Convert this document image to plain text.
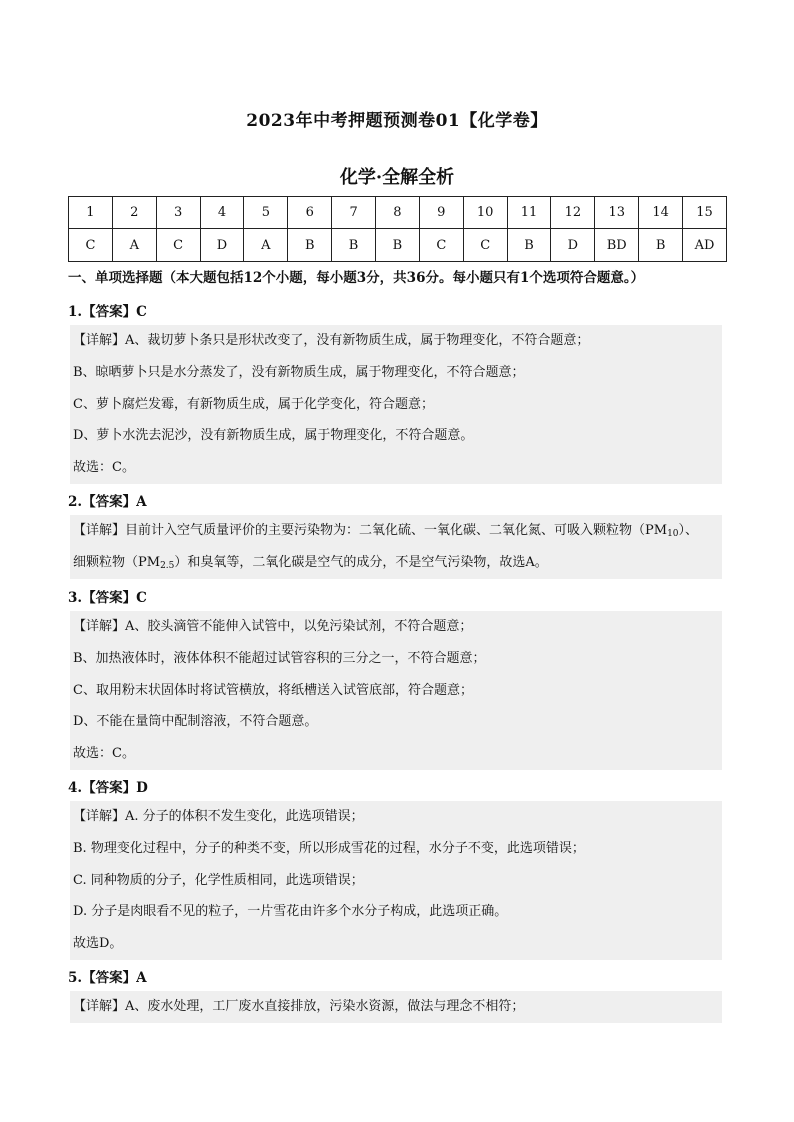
2023年中考押题预测卷01【化学卷】
化学·全解全析
1	2	3	4	5	6	7	8	9	10	11	12	13	14	15
C	A	C	D	A	B	B	B	C	C	B	D	BD	B	AD
一、单项选择题（本大题包括12个小题，每小题3分，共36分。每小题只有1个选项符合题意。）
1.【答案】C
【详解】A、裁切萝卜条只是形状改变了，没有新物质生成，属于物理变化，不符合题意；
B、晾晒萝卜只是水分蒸发了，没有新物质生成，属于物理变化，不符合题意；
C、萝卜腐烂发霉，有新物质生成，属于化学变化，符合题意；
D、萝卜水洗去泥沙，没有新物质生成，属于物理变化，不符合题意。
故选：C。
2.【答案】A
【详解】目前计入空气质量评价的主要污染物为：二氧化硫、一氧化碳、二氧化氮、可吸入颗粒物$(PM_{10})$、
细颗粒物$(PM_{2.5})$和臭氧等，二氧化碳是空气的成分，不是空气污染物，故选A。
3.【答案】C
【详解】A、胶头滴管不能伸入试管中，以免污染试剂，不符合题意；
B、加热液体时，液体体积不能超过试管容积的三分之一，不符合题意；
C、取用粉末状固体时将试管横放，将纸槽送入试管底部，符合题意；
D、不能在量筒中配制溶液，不符合题意。
故选：C。
4.【答案】D
【详解】A. 分子的体积不发生变化，此选项错误；
B. 物理变化过程中，分子的种类不变，所以形成雪花的过程，水分子不变，此选项错误；
C. 同种物质的分子，化学性质相同，此选项错误；
D. 分子是肉眼看不见的粒子，一片雪花由许多个水分子构成，此选项正确。
故选D。
5.【答案】A
【详解】A、废水处理，工厂废水直接排放，污染水资源，做法与理念不相符；
